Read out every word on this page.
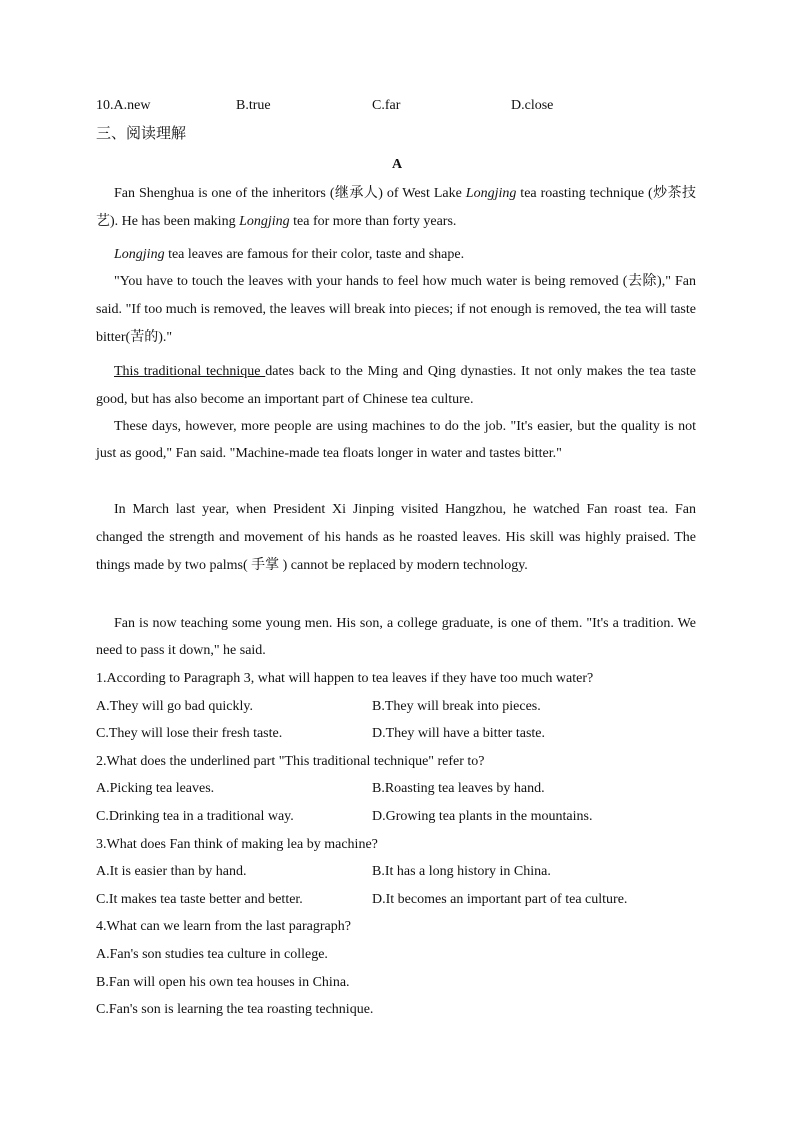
10.A.new	B.true	C.far	D.close
三、阅读理解
A
Fan Shenghua is one of the inheritors (继承人) of West Lake Longjing tea roasting technique (炒茶技艺). He has been making Longjing tea for more than forty years.
Longjing tea leaves are famous for their color, taste and shape.
"You have to touch the leaves with your hands to feel how much water is being removed (去除)," Fan said. "If too much is removed, the leaves will break into pieces; if not enough is removed, the tea will taste bitter(苦的)."
This traditional technique dates back to the Ming and Qing dynasties. It not only makes the tea taste good, but has also become an important part of Chinese tea culture.
These days, however, more people are using machines to do the job. "It's easier, but the quality is not just as good," Fan said. "Machine-made tea floats longer in water and tastes bitter."
In March last year, when President Xi Jinping visited Hangzhou, he watched Fan roast tea. Fan changed the strength and movement of his hands as he roasted leaves. His skill was highly praised. The things made by two palms( 手掌 ) cannot be replaced by modern technology.
Fan is now teaching some young men. His son, a college graduate, is one of them. "It's a tradition. We need to pass it down," he said.
1.According to Paragraph 3, what will happen to tea leaves if they have too much water?
A.They will go bad quickly.	B.They will break into pieces.
C.They will lose their fresh taste.	D.They will have a bitter taste.
2.What does the underlined part "This traditional technique" refer to?
A.Picking tea leaves.	B.Roasting tea leaves by hand.
C.Drinking tea in a traditional way.	D.Growing tea plants in the mountains.
3.What does Fan think of making lea by machine?
A.It is easier than by hand.	B.It has a long history in China.
C.It makes tea taste better and better.	D.It becomes an important part of tea culture.
4.What can we learn from the last paragraph?
A.Fan's son studies tea culture in college.
B.Fan will open his own tea houses in China.
C.Fan's son is learning the tea roasting technique.
